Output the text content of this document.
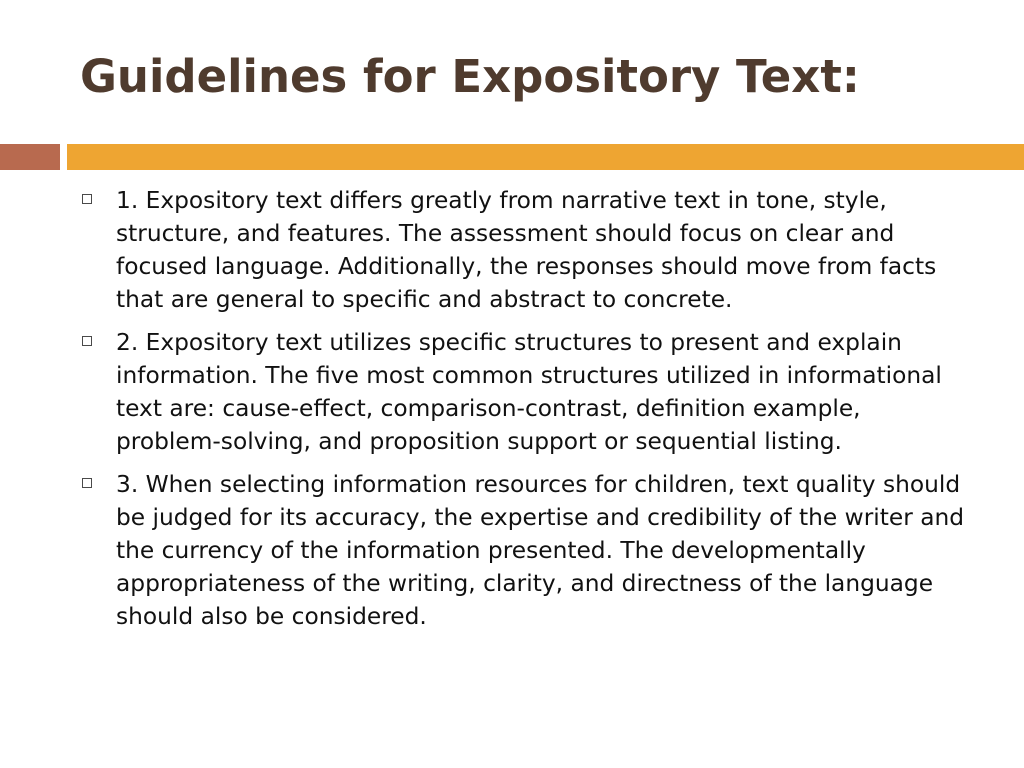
Guidelines for Expository Text:
1. Expository text differs greatly from narrative text in tone, style, structure, and features. The assessment should focus on clear and focused language. Additionally, the responses should move from facts that are general to specific and abstract to concrete.
2. Expository text utilizes specific structures to present and explain information. The five most common structures utilized in informational text are: cause-effect, comparison-contrast, definition example, problem-solving, and proposition support or sequential listing.
3. When selecting information resources for children, text quality should be judged for its accuracy, the expertise and credibility of the writer and the currency of the information presented. The developmentally appropriateness of the writing, clarity, and directness of the language should also be considered.
